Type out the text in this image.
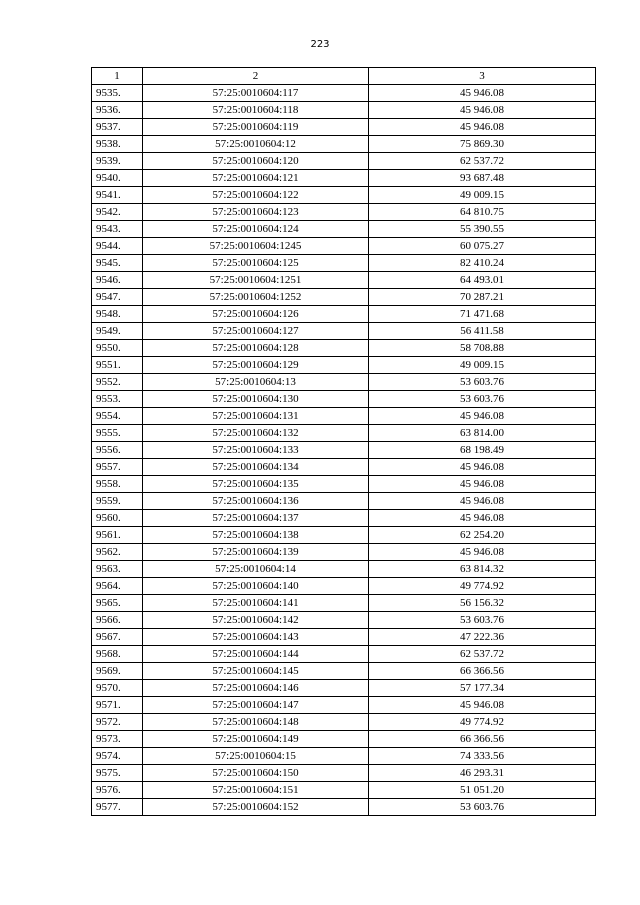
223
1	2	3
9535.	57:25:0010604:117	45 946.08
9536.	57:25:0010604:118	45 946.08
9537.	57:25:0010604:119	45 946.08
9538.	57:25:0010604:12	75 869.30
9539.	57:25:0010604:120	62 537.72
9540.	57:25:0010604:121	93 687.48
9541.	57:25:0010604:122	49 009.15
9542.	57:25:0010604:123	64 810.75
9543.	57:25:0010604:124	55 390.55
9544.	57:25:0010604:1245	60 075.27
9545.	57:25:0010604:125	82 410.24
9546.	57:25:0010604:1251	64 493.01
9547.	57:25:0010604:1252	70 287.21
9548.	57:25:0010604:126	71 471.68
9549.	57:25:0010604:127	56 411.58
9550.	57:25:0010604:128	58 708.88
9551.	57:25:0010604:129	49 009.15
9552.	57:25:0010604:13	53 603.76
9553.	57:25:0010604:130	53 603.76
9554.	57:25:0010604:131	45 946.08
9555.	57:25:0010604:132	63 814.00
9556.	57:25:0010604:133	68 198.49
9557.	57:25:0010604:134	45 946.08
9558.	57:25:0010604:135	45 946.08
9559.	57:25:0010604:136	45 946.08
9560.	57:25:0010604:137	45 946.08
9561.	57:25:0010604:138	62 254.20
9562.	57:25:0010604:139	45 946.08
9563.	57:25:0010604:14	63 814.32
9564.	57:25:0010604:140	49 774.92
9565.	57:25:0010604:141	56 156.32
9566.	57:25:0010604:142	53 603.76
9567.	57:25:0010604:143	47 222.36
9568.	57:25:0010604:144	62 537.72
9569.	57:25:0010604:145	66 366.56
9570.	57:25:0010604:146	57 177.34
9571.	57:25:0010604:147	45 946.08
9572.	57:25:0010604:148	49 774.92
9573.	57:25:0010604:149	66 366.56
9574.	57:25:0010604:15	74 333.56
9575.	57:25:0010604:150	46 293.31
9576.	57:25:0010604:151	51 051.20
9577.	57:25:0010604:152	53 603.76
